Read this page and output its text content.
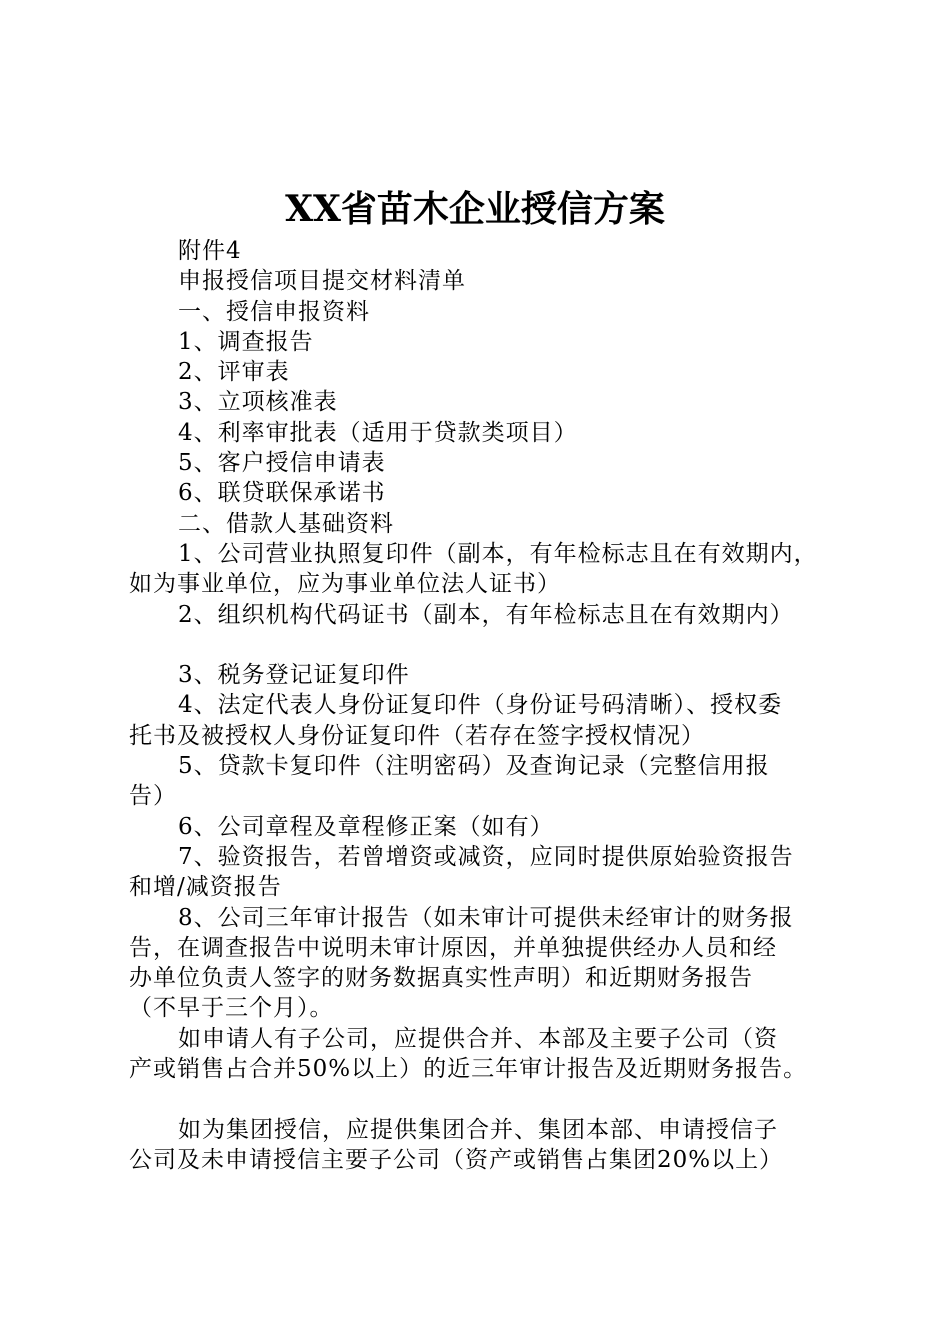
XX省苗木企业授信方案

附件4

申报授信项目提交材料清单

一、授信申报资料

1、调查报告

2、评审表

3、立项核准表

4、利率审批表（适用于贷款类项目）

5、客户授信申请表

6、联贷联保承诺书

二、借款人基础资料

1、公司营业执照复印件（副本，有年检标志且在有效期内，

如为事业单位，应为事业单位法人证书）

2、组织机构代码证书（副本，有年检标志且在有效期内）

3、税务登记证复印件

4、法定代表人身份证复印件（身份证号码清晰）、授权委

托书及被授权人身份证复印件（若存在签字授权情况）

5、贷款卡复印件（注明密码）及查询记录（完整信用报

告）

6、公司章程及章程修正案（如有）

7、验资报告，若曾增资或减资，应同时提供原始验资报告

和增/减资报告

8、公司三年审计报告（如未审计可提供未经审计的财务报

告，在调查报告中说明未审计原因，并单独提供经办人员和经

办单位负责人签字的财务数据真实性声明）和近期财务报告

（不早于三个月）。

如申请人有子公司，应提供合并、本部及主要子公司（资

产或销售占合并50%以上）的近三年审计报告及近期财务报告。

如为集团授信，应提供集团合并、集团本部、申请授信子

公司及未申请授信主要子公司（资产或销售占集团20%以上）
